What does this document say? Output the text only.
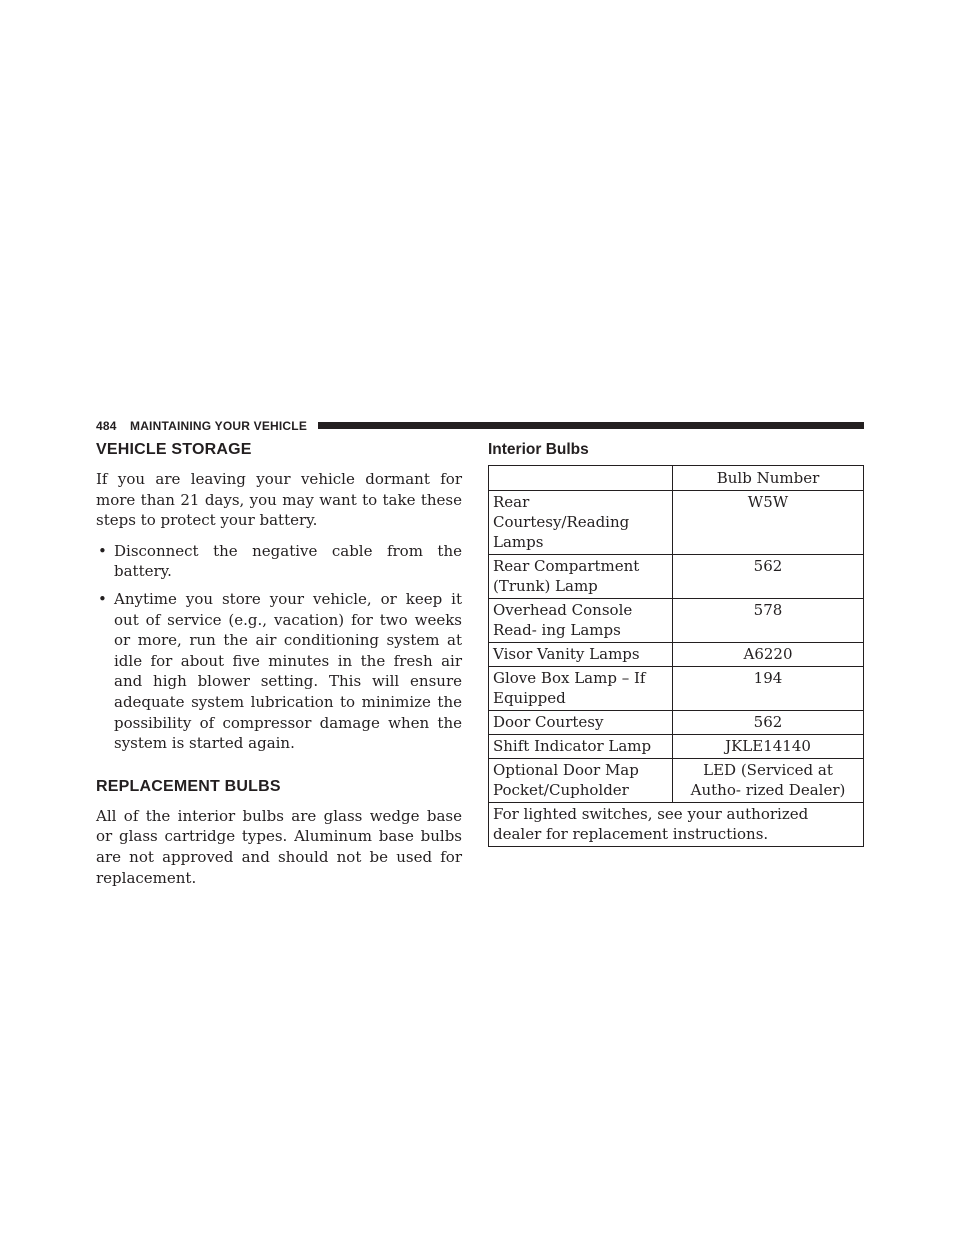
484 MAINTAINING YOUR VEHICLE
VEHICLE STORAGE

If you are leaving your vehicle dormant for more than 21 days, you may want to take these steps to protect your battery.

• Disconnect the negative cable from the battery.
• Anytime you store your vehicle, or keep it out of service (e.g., vacation) for two weeks or more, run the air conditioning system at idle for about five minutes in the fresh air and high blower setting. This will ensure adequate system lubrication to minimize the possibility of compressor damage when the system is started again.
REPLACEMENT BULBS

All of the interior bulbs are glass wedge base or glass cartridge types. Aluminum base bulbs are not approved and should not be used for replacement.

Interior Bulbs
	Bulb Number
Rear Courtesy/Reading Lamps	W5W
Rear Compartment (Trunk) Lamp	562
Overhead Console Read- ing Lamps	578
Visor Vanity Lamps	A6220
Glove Box Lamp – If Equipped	194
Door Courtesy	562
Shift Indicator Lamp	JKLE14140
Optional Door Map Pocket/Cupholder	LED (Serviced at Autho- rized Dealer)
For lighted switches, see your authorized dealer for replacement instructions.	
